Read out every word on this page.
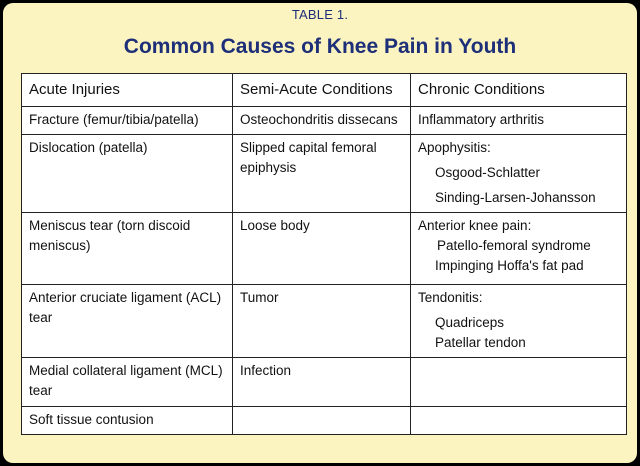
TABLE 1.
Common Causes of Knee Pain in Youth
Acute Injuries	Semi-Acute Conditions	Chronic Conditions
Fracture (femur/tibia/patella)	Osteochondritis dissecans	Inflammatory arthritis

Dislocation (patella)	Slipped capital femoral epiphysis	Apophysitis:
Osgood-Schlatter
Sinding-Larsen-Johansson

Meniscus tear (torn discoid meniscus)	Loose body	Anterior knee pain:
Patello-femoral syndrome
Impinging Hoffa's fat pad

Anterior cruciate ligament (ACL) tear	Tumor	Tendonitis:
Quadriceps
Patellar tendon

Medial collateral ligament (MCL) tear	Infection	
Soft tissue contusion		
